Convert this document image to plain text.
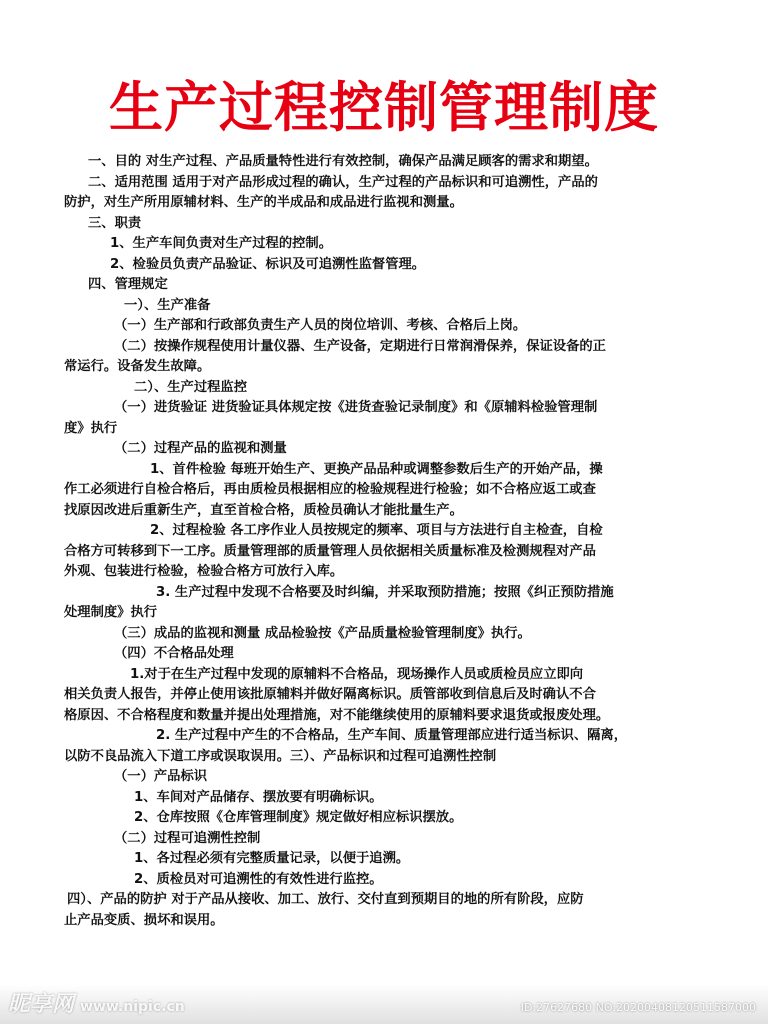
生产过程控制管理制度
一、目的 对生产过程、产品质量特性进行有效控制，确保产品满足顾客的需求和期望。
二、适用范围 适用于对产品形成过程的确认，生产过程的产品标识和可追溯性，产品的
防护，对生产所用原辅材料、生产的半成品和成品进行监视和测量。
三、职责
1、生产车间负责对生产过程的控制。
2、检验员负责产品验证、标识及可追溯性监督管理。
四、管理规定
一）、生产准备
（一）生产部和行政部负责生产人员的岗位培训、考核、合格后上岗。
（二）按操作规程使用计量仪器、生产设备，定期进行日常润滑保养，保证设备的正
常运行。设备发生故障。
二）、生产过程监控
（一）进货验证 进货验证具体规定按《进货查验记录制度》和《原辅料检验管理制
度》执行
（二）过程产品的监视和测量
1、首件检验 每班开始生产、更换产品品种或调整参数后生产的开始产品，操
作工必须进行自检合格后，再由质检员根据相应的检验规程进行检验；如不合格应返工或查
找原因改进后重新生产，直至首检合格，质检员确认才能批量生产。
2、过程检验 各工序作业人员按规定的频率、项目与方法进行自主检查，自检
合格方可转移到下一工序。质量管理部的质量管理人员依据相关质量标准及检测规程对产品
外观、包装进行检验，检验合格方可放行入库。
3. 生产过程中发现不合格要及时纠编，并采取预防措施；按照《纠正预防措施
处理制度》执行
（三）成品的监视和测量 成品检验按《产品质量检验管理制度》执行。
（四）不合格品处理
1.对于在生产过程中发现的原辅料不合格品，现场操作人员或质检员应立即向
相关负责人报告，并停止使用该批原辅料并做好隔离标识。质管部收到信息后及时确认不合
格原因、不合格程度和数量并提出处理措施，对不能继续使用的原辅料要求退货或报废处理。
2. 生产过程中产生的不合格品，生产车间、质量管理部应进行适当标识、隔离，
以防不良品流入下道工序或误取误用。三）、产品标识和过程可追溯性控制
（一）产品标识
1、车间对产品储存、摆放要有明确标识。
2、仓库按照《仓库管理制度》规定做好相应标识摆放。
（二）过程可追溯性控制
1、各过程必须有完整质量记录，以便于追溯。
2、质检员对可追溯性的有效性进行监控。
四）、产品的防护 对于产品从接收、加工、放行、交付直到预期目的地的所有阶段，应防
止产品变质、损坏和误用。
昵享网 www.nipic.cn	ID:27627680 NO:20200408120511587000
